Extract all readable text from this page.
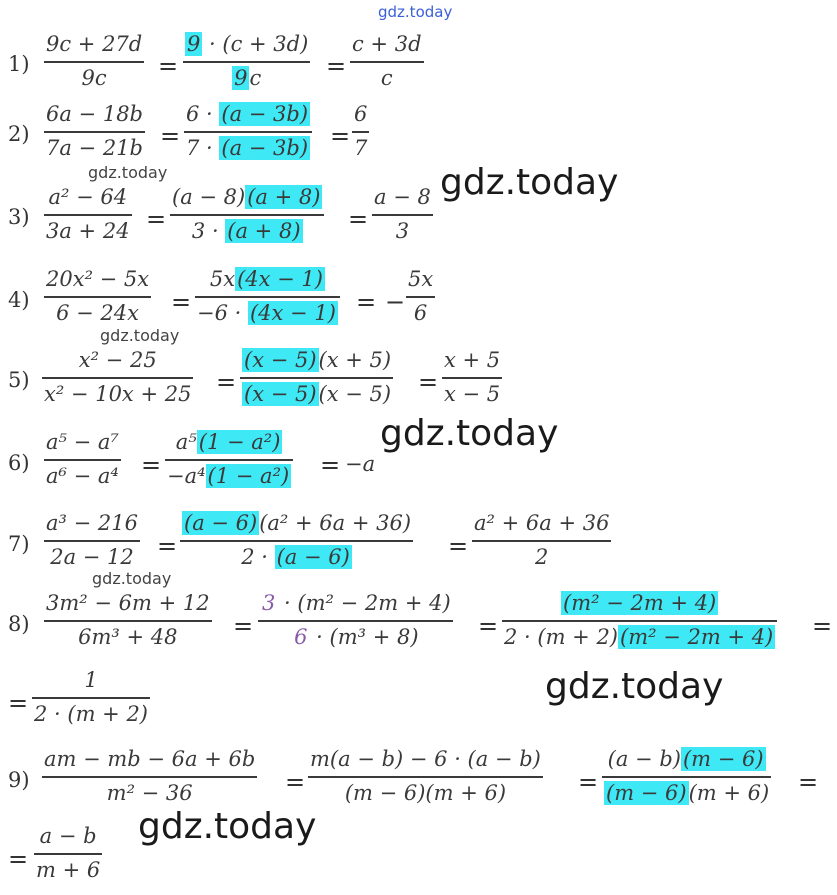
gdz.today
1)
9c + 27d
9c =
9 · (c + 3d)
9c	=
c + 3d
c
2)
6a − 18b
7a − 21b =
6 · (a − 3b)
7 · (a − 3b) =
6
7
gdz.today	gdz.today
3)
a² − 64
3a + 24 =
(a − 8)(a + 8)
3 · (a + 8) =
a − 8
3
4)
20x² − 5x
6 − 24x =
5x(4x − 1)
−6 · (4x − 1) = −
5x
6
gdz.today
5)
x² − 25
x² − 10x + 25 =
(x − 5)(x + 5)
(x − 5)(x − 5) =
x + 5
x − 5
6)
a⁵ − a⁷
a⁶ − a⁴ =
a⁵(1 − a²)
−a⁴(1 − a²) = −a
gdz.today
7)
a³ − 216
2a − 12 =
(a − 6)(a² + 6a + 36)
2 · (a − 6)	=
a² + 6a + 36
2
gdz.today
8)
3m² − 6m + 12
6m³ + 48 =
3 · (m² − 2m + 4)
6 · (m³ + 8) =
(m² − 2m + 4)
2 · (m + 2)(m² − 2m + 4) =
=
1
2 · (m + 2)
gdz.today
9)
am − mb − 6a + 6b
m² − 36	=
m(a − b) − 6 · (a − b)
(m − 6)(m + 6)	=
(a − b)(m − 6)
(m − 6)(m + 6) =
=
a − b
m + 6
gdz.today
